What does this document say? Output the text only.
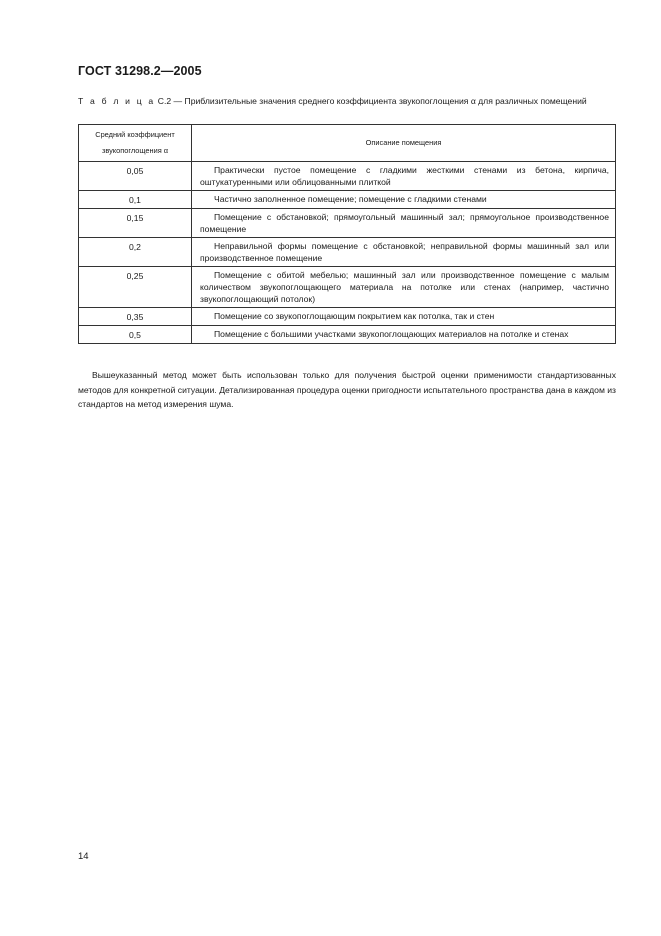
ГОСТ 31298.2—2005
Т а б л и ц а С.2 — Приблизительные значения среднего коэффициента звукопоглощения α для различных помещений
Средний коэффициент звукопоглощения α	Описание помещения
0,05	Практически пустое помещение с гладкими жесткими стенами из бетона, кирпича, оштукатуренными или облицованными плиткой

0,1	Частично заполненное помещение; помещение с гладкими стенами

0,15	Помещение с обстановкой; прямоугольный машинный зал; прямоугольное производственное помещение

0,2	Неправильной формы помещение с обстановкой; неправильной формы машинный зал или производственное помещение

0,25	Помещение с обитой мебелью; машинный зал или производственное помещение с малым количеством звукопоглощающего материала на потолке или стенах (например, частично звукопоглощающий потолок)

0,35	Помещение со звукопоглощающим покрытием как потолка, так и стен

0,5	Помещение с большими участками звукопоглощающих материалов на потолке и стенах
Вышеуказанный метод может быть использован только для получения быстрой оценки применимости стандартизованных методов для конкретной ситуации. Детализированная процедура оценки пригодности испытательного пространства дана в каждом из стандартов на метод измерения шума.
14
